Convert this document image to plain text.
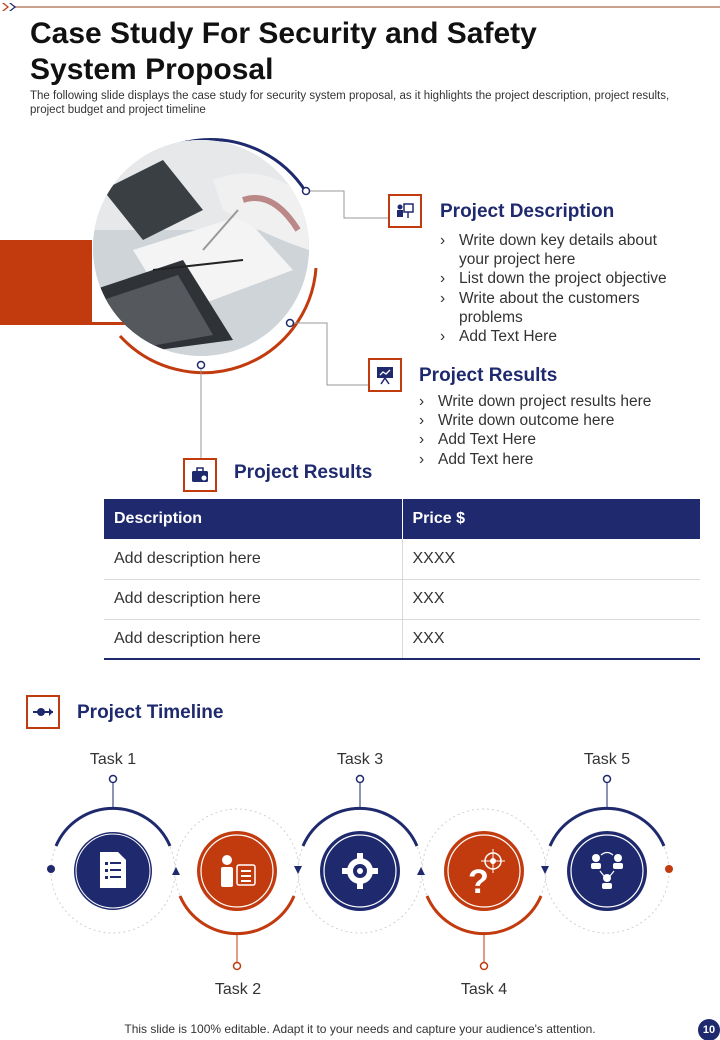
Case Study For Security and Safety System Proposal

The following slide displays the case study for security system proposal, as it highlights the project description, project results, project budget and project timeline

Project Description
› Write down key details about your project here
› List down the project objective
› Write about the customers problems
› Add Text Here
Project Results
› Write down project results here
› Write down outcome here
› Add Text Here
› Add Text here
Project Results
Description	Price $
Add description here	XXXX
Add description here	XXX
Add description here	XXX
Project Timeline
?
Task 1
Task 2
Task 3
Task 4
Task 5
This slide is 100% editable. Adapt it to your needs and capture your audience's attention.	10
